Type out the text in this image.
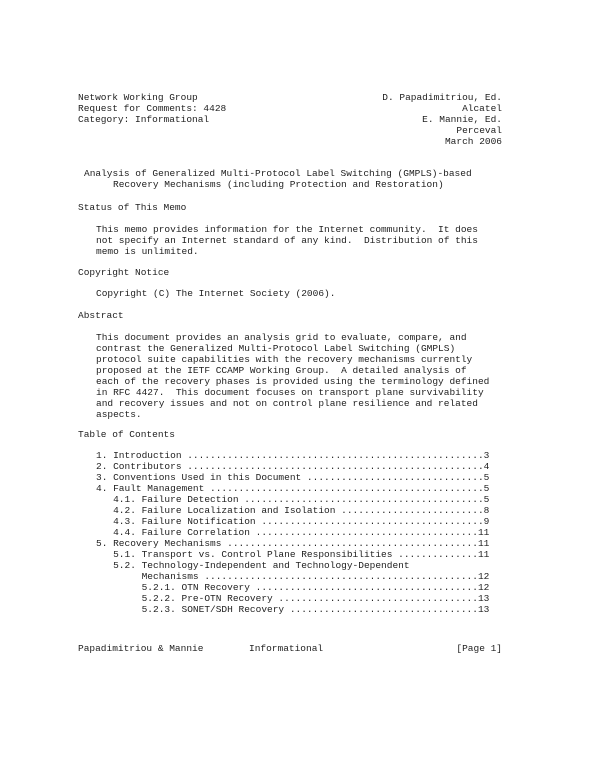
Network Working Group
Request for Comments: 4428
Category: Informational
D. Papadimitriou, Ed.
Alcatel
E. Mannie, Ed.
Perceval
March 2006
Analysis of Generalized Multi-Protocol Label Switching (GMPLS)-based
Recovery Mechanisms (including Protection and Restoration)
Status of This Memo
This memo provides information for the Internet community.  It does
not specify an Internet standard of any kind.  Distribution of this
memo is unlimited.
Copyright Notice
Copyright (C) The Internet Society (2006).
Abstract
This document provides an analysis grid to evaluate, compare, and
contrast the Generalized Multi-Protocol Label Switching (GMPLS)
protocol suite capabilities with the recovery mechanisms currently
proposed at the IETF CCAMP Working Group.  A detailed analysis of
each of the recovery phases is provided using the terminology defined
in RFC 4427.  This document focuses on transport plane survivability
and recovery issues and not on control plane resilience and related
aspects.
Table of Contents
1. Introduction ....................................................3
2. Contributors ....................................................4
3. Conventions Used in this Document ...............................5
4. Fault Management ................................................5
4.1. Failure Detection ..........................................5
4.2. Failure Localization and Isolation .........................8
4.3. Failure Notification .......................................9
4.4. Failure Correlation .......................................11
5. Recovery Mechanisms ............................................11
5.1. Transport vs. Control Plane Responsibilities ..............11
5.2. Technology-Independent and Technology-Dependent
Mechanisms ................................................12
5.2.1. OTN Recovery .......................................12
5.2.2. Pre-OTN Recovery ...................................13
5.2.3. SONET/SDH Recovery .................................13
Papadimitriou & Mannie	Informational	[Page 1]
